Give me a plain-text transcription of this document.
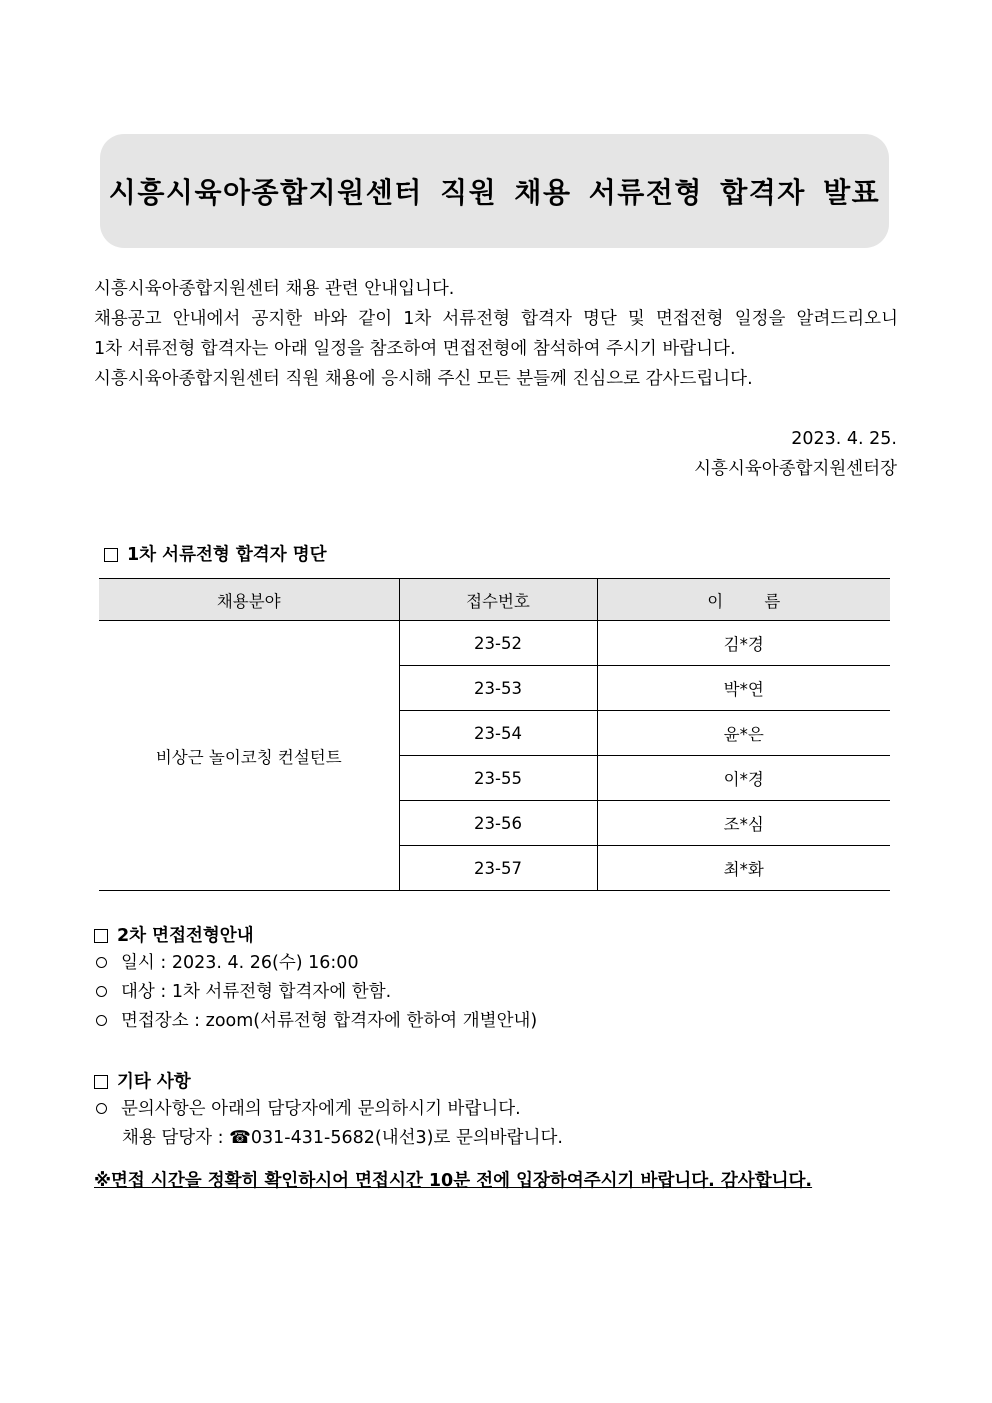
시흥시육아종합지원센터 직원 채용 서류전형 합격자 발표

시흥시육아종합지원센터 채용 관련 안내입니다.

채용공고 안내에서 공지한 바와 같이 1차 서류전형 합격자 명단 및 면접전형 일정을 알려드리오니

1차 서류전형 합격자는 아래 일정을 참조하여 면접전형에 참석하여 주시기 바랍니다.

시흥시육아종합지원센터 직원 채용에 응시해 주신 모든 분들께 진심으로 감사드립니다.

2023. 4. 25.
시흥시육아종합지원센터장
1차 서류전형 합격자 명단
채용분야	접수번호	이 름
비상근 놀이코칭 컨설턴트	23-52	김*경
	23-53	박*연
	23-54	윤*은
	23-55	이*경
	23-56	조*심
	23-57	최*화
2차 면접전형안내
일시 : 2023. 4. 26(수) 16:00
대상 : 1차 서류전형 합격자에 한함.
면접장소 : zoom(서류전형 합격자에 한하여 개별안내)
기타 사항
문의사항은 아래의 담당자에게 문의하시기 바랍니다.
채용 담당자 : ☎031-431-5682(내선3)로 문의바랍니다.
※면접 시간을 정확히 확인하시어 면접시간 10분 전에 입장하여주시기 바랍니다. 감사합니다.
